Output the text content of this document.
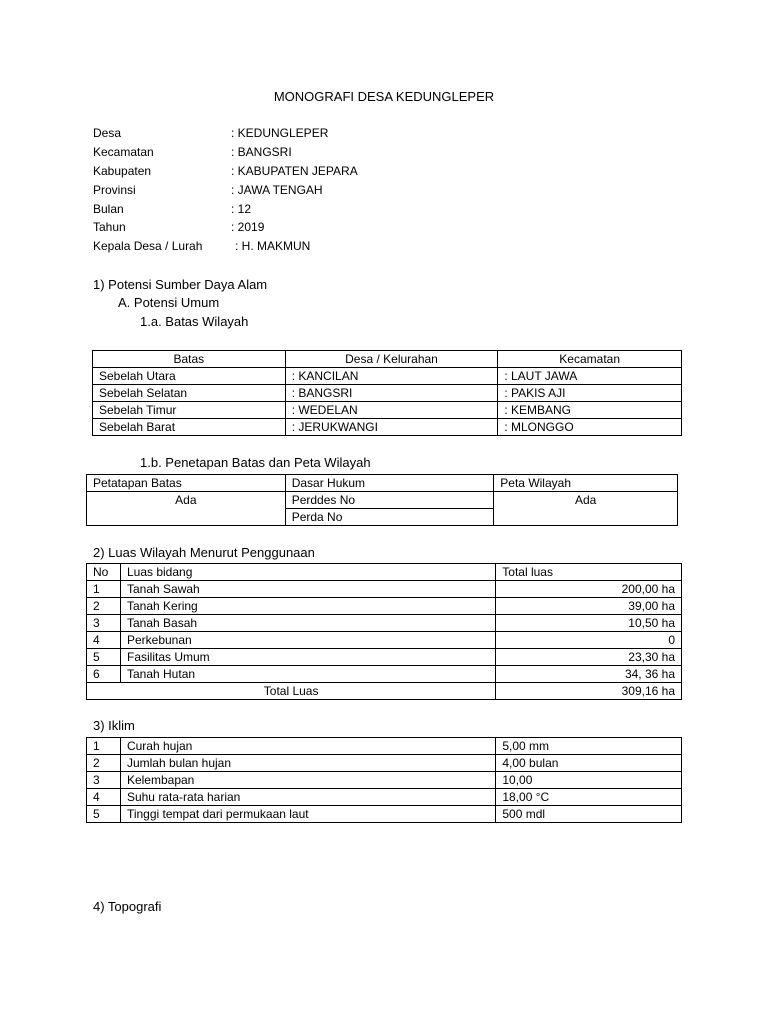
MONOGRAFI DESA KEDUNGLEPER
Desa	: KEDUNGLEPER
Kecamatan	: BANGSRI
Kabupaten	: KABUPATEN JEPARA
Provinsi	: JAWA TENGAH
Bulan	: 12
Tahun	: 2019
Kepala Desa / Lurah	: H. MAKMUN
1) Potensi Sumber Daya Alam
A. Potensi Umum
1.a. Batas Wilayah
Batas	Desa / Kelurahan	Kecamatan
Sebelah Utara	: KANCILAN	: LAUT JAWA
Sebelah Selatan	: BANGSRI	: PAKIS AJI
Sebelah Timur	: WEDELAN	: KEMBANG
Sebelah Barat	: JERUKWANGI	: MLONGGO
1.b. Penetapan Batas dan Peta Wilayah
Petatapan Batas	Dasar Hukum	Peta Wilayah
Ada	Perddes No	Ada
	Perda No	
2) Luas Wilayah Menurut Penggunaan
No	Luas bidang	Total luas
1	Tanah Sawah	200,00 ha
2	Tanah Kering	39,00 ha
3	Tanah Basah	10,50 ha
4	Perkebunan	0
5	Fasilitas Umum	23,30 ha
6	Tanah Hutan	34, 36 ha
Total Luas		309,16 ha
3) Iklim
1	Curah hujan	5,00 mm
2	Jumlah bulan hujan	4,00 bulan
3	Kelembapan	10,00
4	Suhu rata-rata harian	18,00 °C
5	Tinggi tempat dari permukaan laut	500 mdl
4) Topografi
